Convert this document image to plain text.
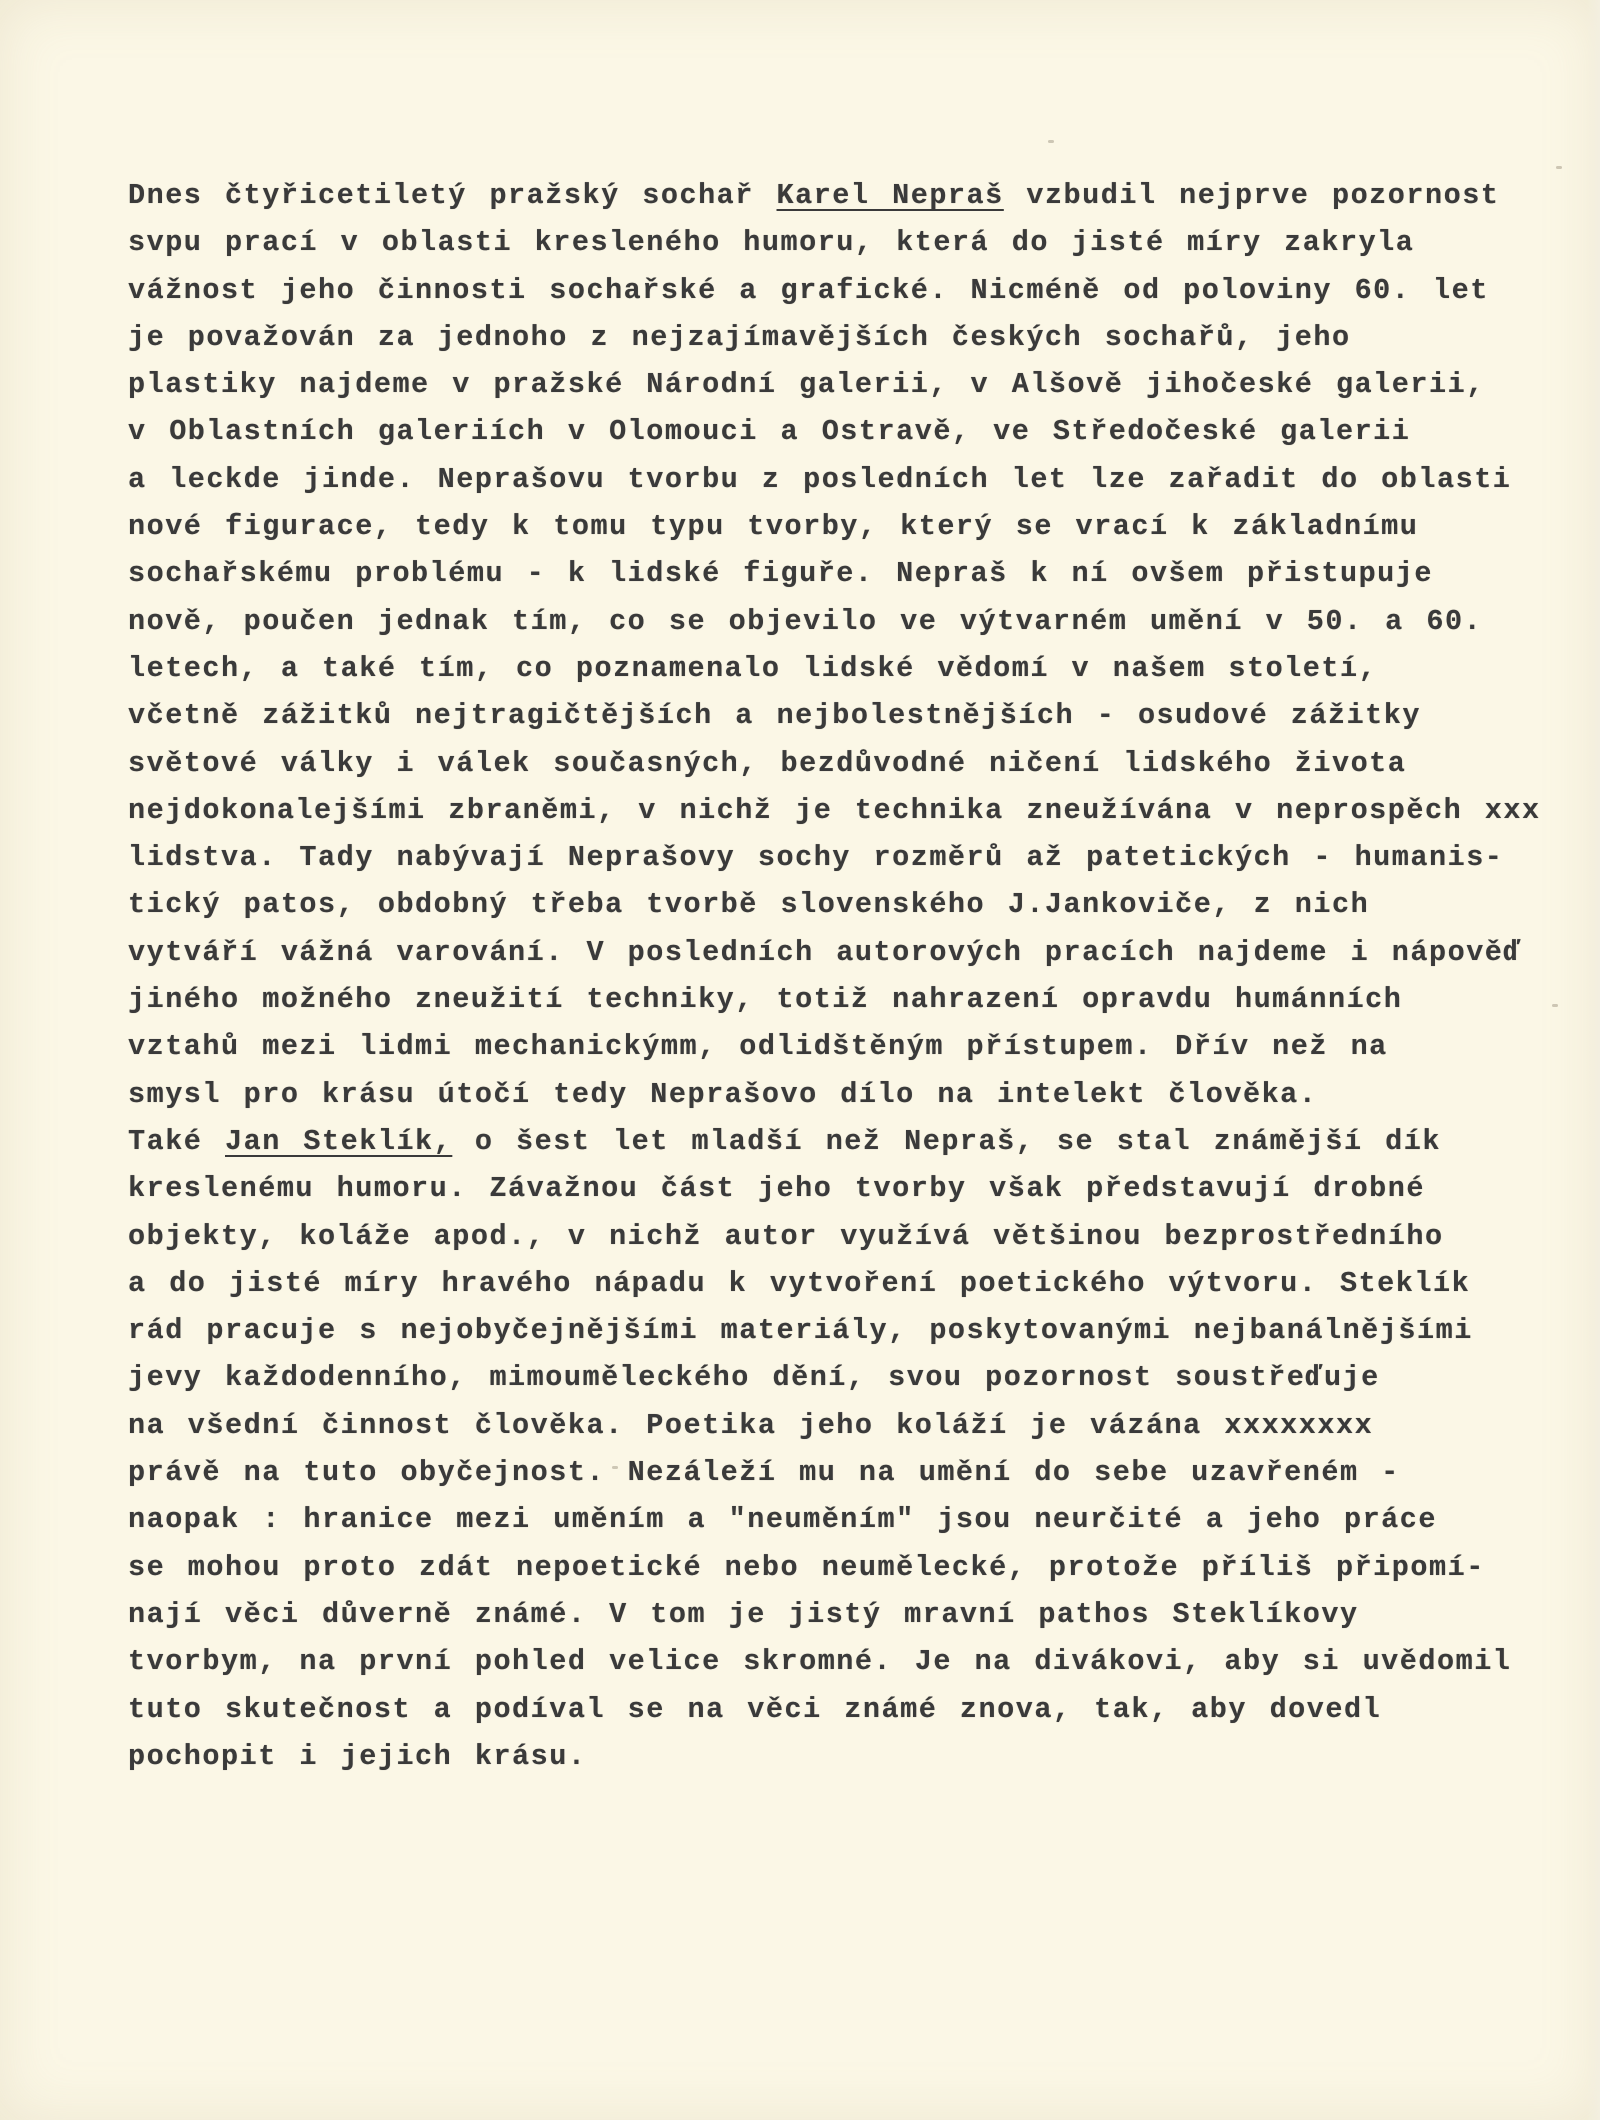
Dnes čtyřicetiletý pražský sochař Karel Nepraš vzbudil nejprve pozornost
svpu prací v oblasti kresleného humoru, která do jisté míry zakryla
vážnost jeho činnosti sochařské a grafické. Nicméně od poloviny 60. let
je považován za jednoho z nejzajímavějších českých sochařů, jeho
plastiky najdeme v pražské Národní galerii, v Alšově jihočeské galerii,
v Oblastních galeriích v Olomouci a Ostravě, ve Středočeské galerii
a leckde jinde. Neprašovu tvorbu z posledních let lze zařadit do oblasti
nové figurace, tedy k tomu typu tvorby, který se vrací k základnímu
sochařskému problému - k lidské figuře. Nepraš k ní ovšem přistupuje
nově, poučen jednak tím, co se objevilo ve výtvarném umění v 50. a 60.
letech, a také tím, co poznamenalo lidské vědomí v našem století,
včetně zážitků nejtragičtějších a nejbolestnějších - osudové zážitky
světové války i válek současných, bezdůvodné ničení lidského života
nejdokonalejšími zbraněmi, v nichž je technika zneužívána v neprospěch xxx
lidstva. Tady nabývají Neprašovy sochy rozměrů až patetických - humanis-
tický patos, obdobný třeba tvorbě slovenského J.Jankoviče, z nich
vytváří vážná varování. V posledních autorových pracích najdeme i nápověď
jiného možného zneužití techniky, totiž nahrazení opravdu humánních
vztahů mezi lidmi mechanickýmm, odlidštěným přístupem. Dřív než na
smysl pro krásu útočí tedy Neprašovo dílo na intelekt člověka.
Také Jan Steklík, o šest let mladší než Nepraš, se stal známější dík
kreslenému humoru. Závažnou část jeho tvorby však představují drobné
objekty, koláže apod., v nichž autor využívá většinou bezprostředního
a do jisté míry hravého nápadu k vytvoření poetického výtvoru. Steklík
rád pracuje s nejobyčejnějšími materiály, poskytovanými nejbanálnějšími
jevy každodenního, mimouměleckého dění, svou pozornost soustřeďuje
na všední činnost člověka. Poetika jeho koláží je vázána xxxxxxxx
právě na tuto obyčejnost. Nezáleží mu na umění do sebe uzavřeném -
naopak : hranice mezi uměním a "neuměním" jsou neurčité a jeho práce
se mohou proto zdát nepoetické nebo neumělecké, protože příliš připomí-
nají věci důverně známé. V tom je jistý mravní pathos Steklíkovy
tvorbym, na první pohled velice skromné. Je na divákovi, aby si uvědomil
tuto skutečnost a podíval se na věci známé znova, tak, aby dovedl
pochopit i jejich krásu.
